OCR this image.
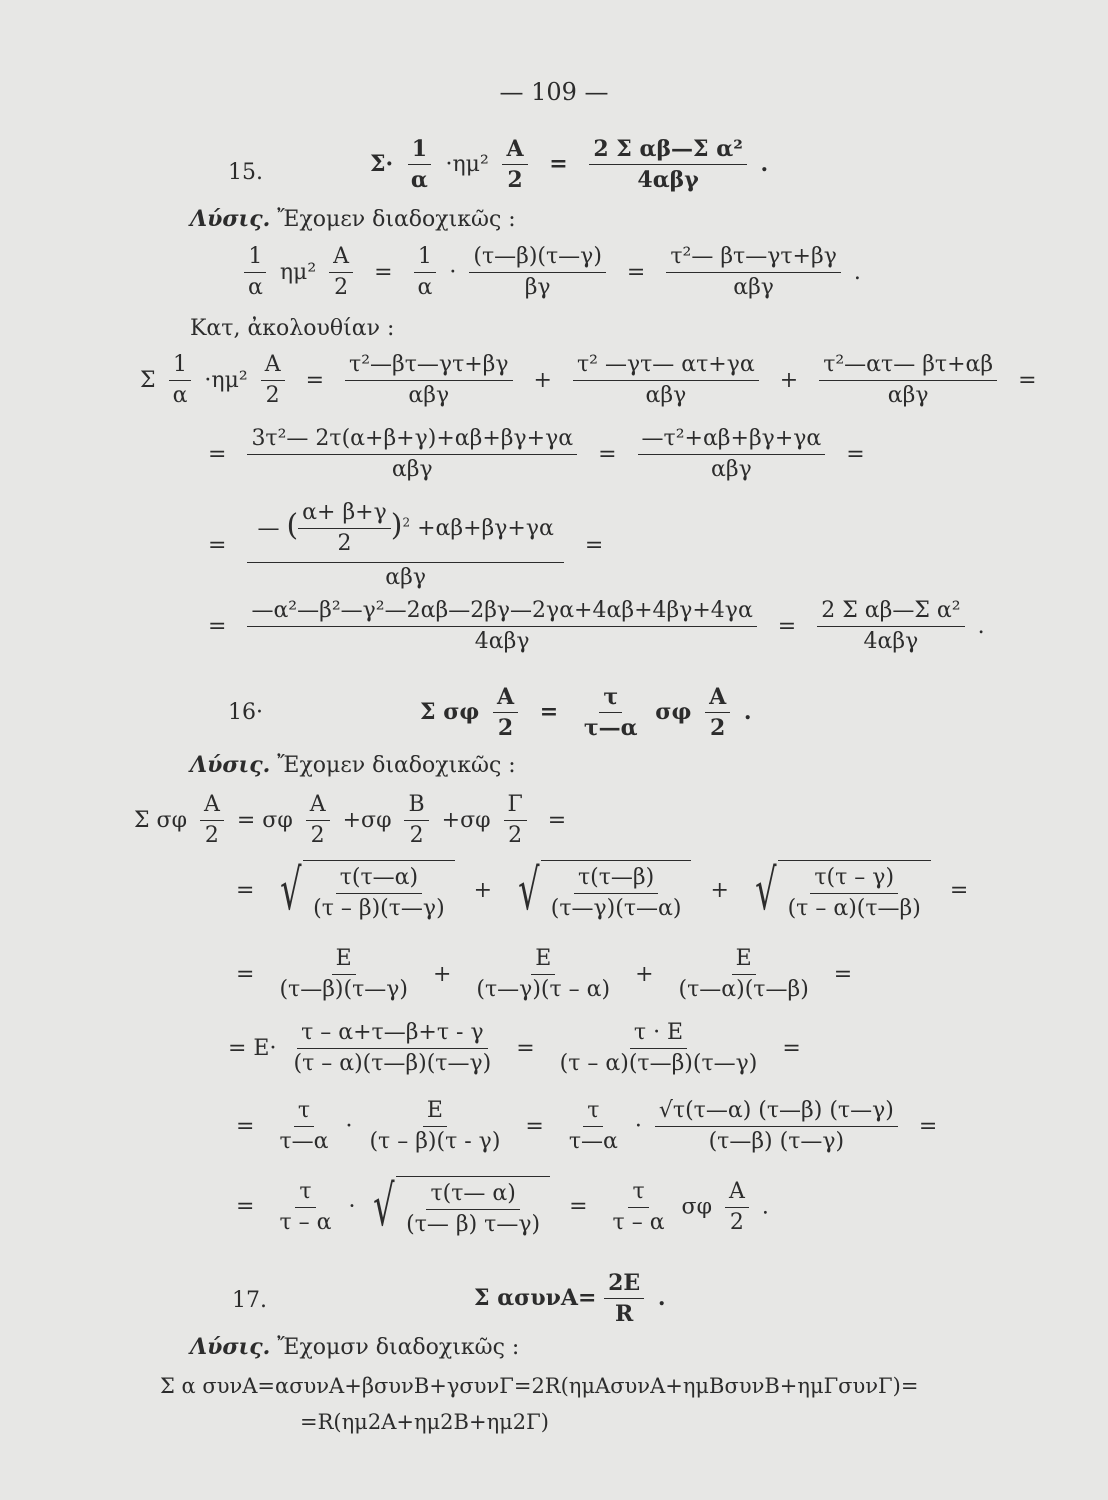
— 109 —
15.	$\Sigma\cdot \frac{1}{\alpha} \cdot\eta\mu^2 \frac{A}{2} = \frac{\text{2 Σ αβ—Σ α²}}{\text{4αβγ}}$ .
Λύσις. Ἔχομεν διαδοχικῶς :
$\frac{1}{\alpha} \eta\mu^2 \frac{A}{2} = \frac{1}{\alpha} \cdot \frac{(\tau—\beta)(\tau—\gamma)}{\beta\gamma} = \frac{\text{τ²— βτ—γτ+βγ}}{\text{αβγ}}$ .
Κατ, ἀκολουθίαν :
Σ $\frac{1}{\alpha} \cdot\eta\mu^2 \frac{A}{2} = \frac{\text{τ²—βτ—γτ+βγ}}{\text{αβγ}} + \frac{\text{τ² —γτ— ατ+γα}}{\text{αβγ}} + \frac{\text{τ²—ατ— βτ+αβ}}{\text{αβγ}}$ =
= $\frac{\text{3τ²— 2τ(α+β+γ)+αβ+βγ+γα}}{\text{αβγ}} = \frac{\text{—τ²+αβ+βγ+γα}}{\text{αβγ}}$ =
= $\frac{— ( \frac{\alpha+ \beta+\gamma}{2} )^2 +\alpha\beta+\beta\gamma+\gamma\alpha}{\text{αβγ}}$ =
= $\frac{\text{—α²—β²—γ²—2αβ—2βγ—2γα+4αβ+4βγ+4γα}}{\text{4αβγ}} = \frac{\text{2 Σ αβ—Σ α²}}{\text{4αβγ}}$ .
16·	Σ σφ $\frac{A}{2} = \frac{\tau}{\tau—\alpha}$ σφ $\frac{A}{2}$ .
Λύσις. Ἔχομεν διαδοχικῶς :
Σ σφ $\frac{A}{2} = \sigma\varphi \frac{A}{2} +\sigma\varphi \frac{B}{2} +\sigma\varphi \frac{\Gamma}{2}$ =
= √ $\frac{\tau(\tau—\alpha)}{(\tau - \beta)(\tau—\gamma)}$ + √ $\frac{\tau(\tau—\beta)}{(\tau—\gamma)(\tau—\alpha)}$ + √ $\frac{\tau(\tau - \gamma)}{(\tau - \alpha)(\tau—\beta)}$ =
= $\frac{E}{(\tau—\beta)(\tau—\gamma)} + \frac{E}{(\tau—\gamma)(\tau - \alpha)} + \frac{E}{(\tau—\alpha)(\tau—\beta)}$ =
= $E\cdot \frac{\tau - \alpha+\tau—\beta+\tau - \gamma}{(\tau - \alpha)(\tau—\beta)(\tau—\gamma)} = \frac{\tau \cdot E}{(\tau - \alpha)(\tau—\beta)(\tau—\gamma)}$ =
= $\frac{\tau}{\tau—\alpha} \cdot \frac{E}{(\tau - \beta)(\tau - \gamma)} = \frac{\tau}{\tau—\alpha} \cdot \frac{√\tau(\tau—\alpha) (\tau—\beta) (\tau—\gamma)}{(\tau—\beta) (\tau—\gamma)}$ =
= $\frac{\tau}{\tau - \alpha}$ · √ $\frac{\tau(\tau— \alpha)}{(\tau— \beta) \tau—\gamma)} = \frac{\tau}{\tau - \alpha}$ σφ $\frac{A}{2}$ .
17.	Σ $\alpha\sigma\upsilon\nu A= \frac{2E}{R}$ .
Λύσις. Ἔχομσν διαδοχικῶς :
Σ α συνA=ασυνA+βσυνB+γσυνΓ=2R(ημAσυνA+ημBσυνB+ημΓσυνΓ)=
=R(ημ2A+ημ2B+ημ2Γ)
